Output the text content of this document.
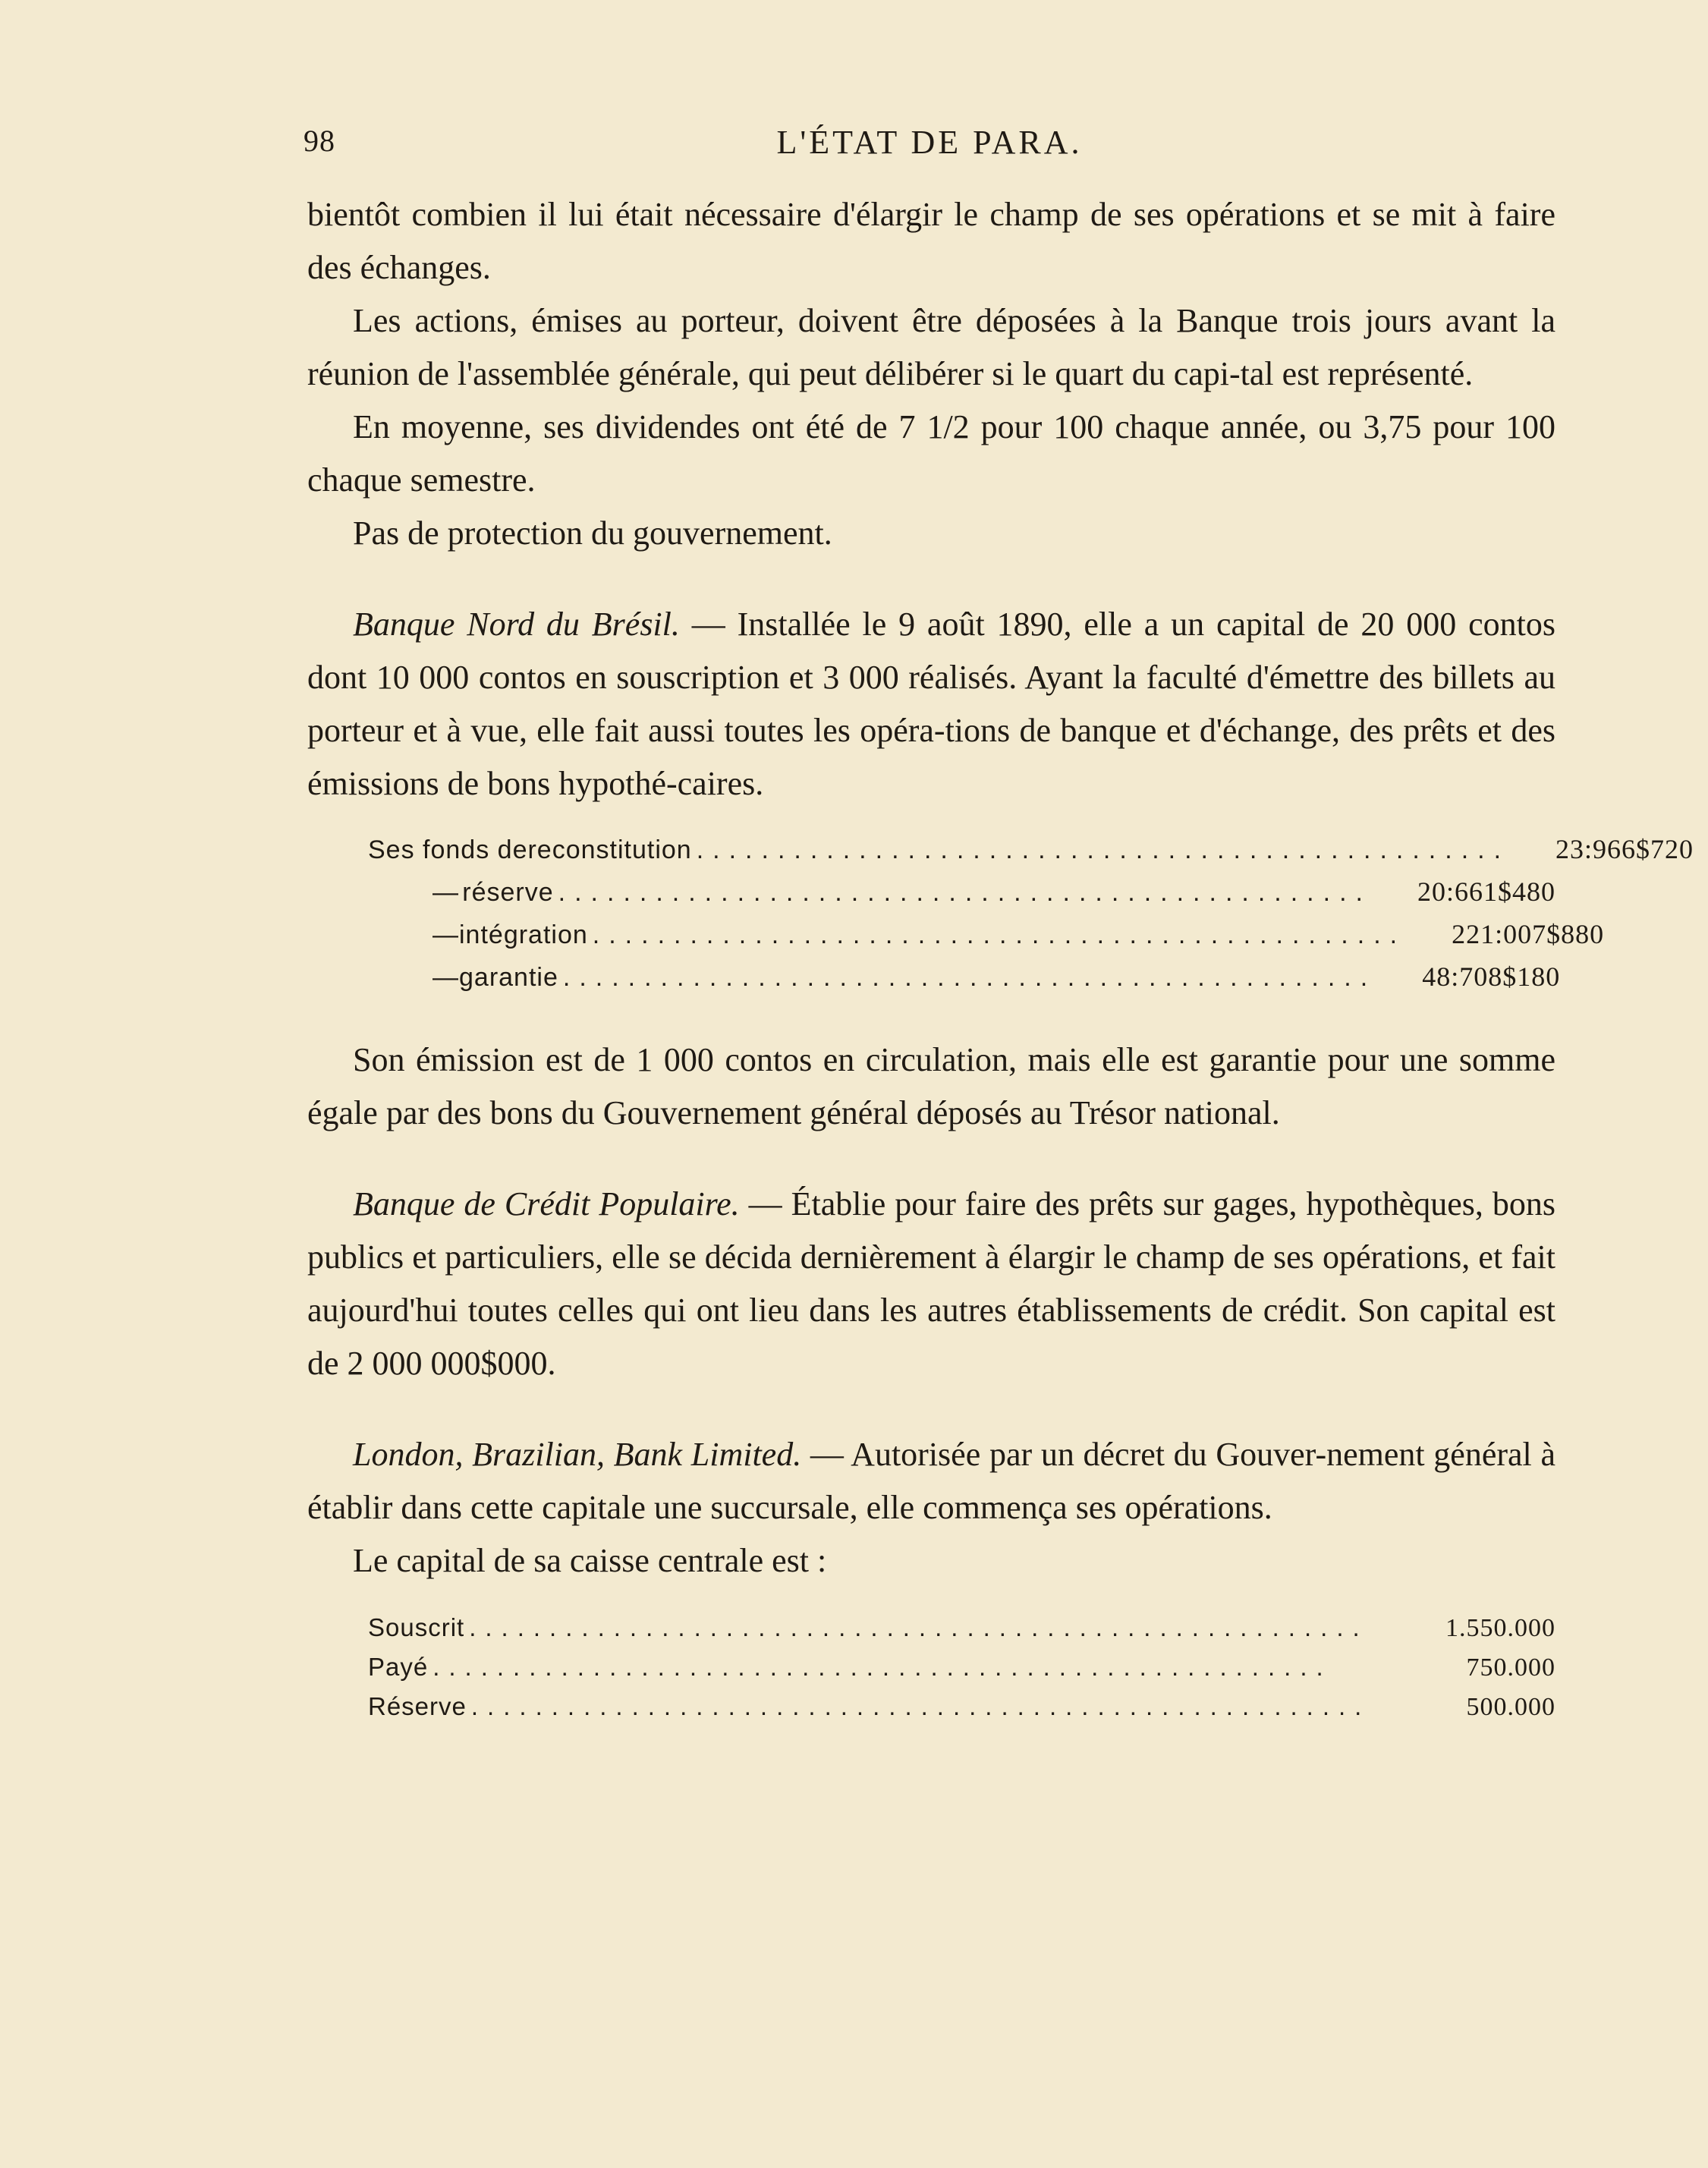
98	L'ÉTAT DE PARA.

bientôt combien il lui était nécessaire d'élargir le champ de ses opérations et se mit à faire des échanges.

Les actions, émises au porteur, doivent être déposées à la Banque trois jours avant la réunion de l'assemblée générale, qui peut délibérer si le quart du capi-tal est représenté.

En moyenne, ses dividendes ont été de 7 1/2 pour 100 chaque année, ou 3,75 pour 100 chaque semestre.

Pas de protection du gouvernement.

Banque Nord du Brésil. — Installée le 9 août 1890, elle a un capital de 20 000 contos dont 10 000 contos en souscription et 3 000 réalisés. Ayant la faculté d'émettre des billets au porteur et à vue, elle fait aussi toutes les opéra-tions de banque et d'échange, des prêts et des émissions de bons hypothé-caires.

Ses fonds de reconstitution .................................................. 23:966$720
— réserve .................................................. 20:661$480
— intégration .................................................. 221:007$880
— garantie .................................................. 48:708$180

Son émission est de 1 000 contos en circulation, mais elle est garantie pour une somme égale par des bons du Gouvernement général déposés au Trésor national.

Banque de Crédit Populaire. — Établie pour faire des prêts sur gages, hypothèques, bons publics et particuliers, elle se décida dernièrement à élargir le champ de ses opérations, et fait aujourd'hui toutes celles qui ont lieu dans les autres établissements de crédit. Son capital est de 2 000 000$000.

London, Brazilian, Bank Limited. — Autorisée par un décret du Gouver-nement général à établir dans cette capitale une succursale, elle commença ses opérations.

Le capital de sa caisse centrale est :

Souscrit ........................................................	1.550.000
Payé ........................................................	750.000
Réserve ........................................................	500.000
